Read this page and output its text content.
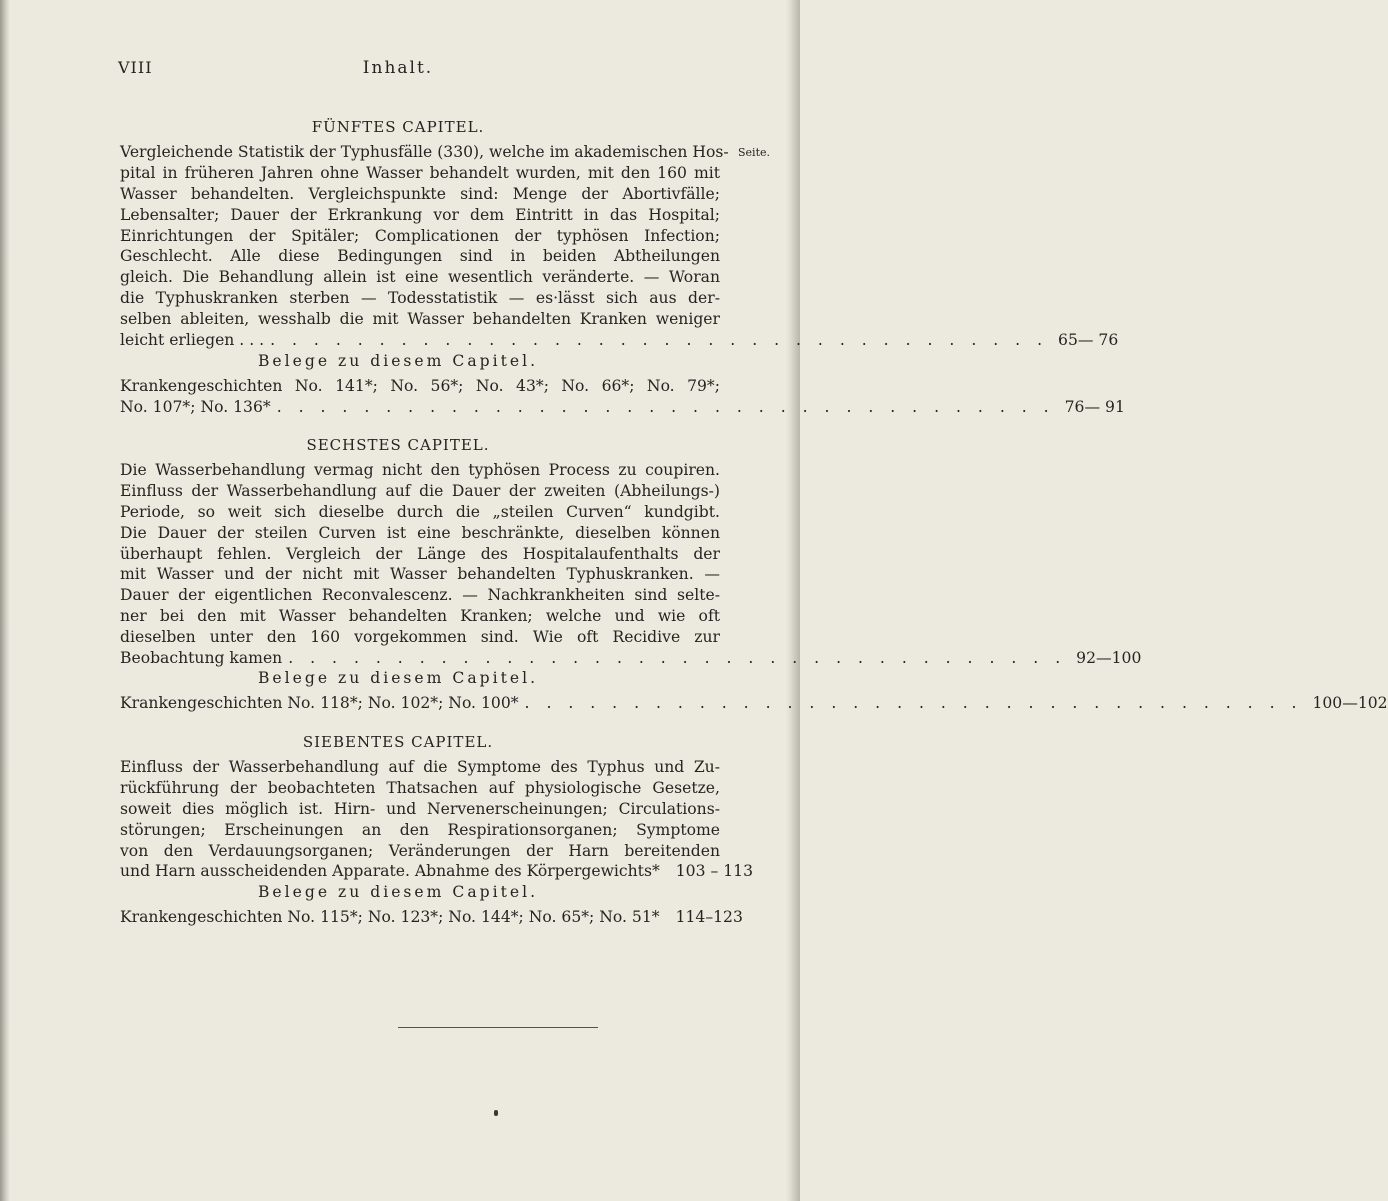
VIII	Inhalt.
Seite.
FÜNFTES CAPITEL.
Vergleichende Statistik der Typhusfälle (330), welche im akademischen Hos-
pital in früheren Jahren ohne Wasser behandelt wurden, mit den 160 mit
Wasser behandelten. Vergleichspunkte sind: Menge der Abortivfälle;
Lebensalter; Dauer der Erkrankung vor dem Eintritt in das Hospital;
Einrichtungen der Spitäler; Complicationen der typhösen Infection;
Geschlecht. Alle diese Bedingungen sind in beiden Abtheilungen
gleich. Die Behandlung allein ist eine wesentlich veränderte. — Woran
die Typhuskranken sterben — Todesstatistik — es·lässt sich aus der-
selben ableiten, wesshalb die mit Wasser behandelten Kranken weniger
leicht erliegen . . . . . . . . . . . . . . . . . . . . . . . . . . . . . . . . . . . . . . . 65— 76
Belege zu diesem Capitel.
Krankengeschichten No. 141*; No. 56*; No. 43*; No. 66*; No. 79*;
No. 107*; No. 136* . . . . . . . . . . . . . . . . . . . . . . . . . . . . . . . . . . . . 76— 91
SECHSTES CAPITEL.
Die Wasserbehandlung vermag nicht den typhösen Process zu coupiren.
Einfluss der Wasserbehandlung auf die Dauer der zweiten (Abheilungs-)
Periode, so weit sich dieselbe durch die „steilen Curven“ kundgibt.
Die Dauer der steilen Curven ist eine beschränkte, dieselben können
überhaupt fehlen. Vergleich der Länge des Hospitalaufenthalts der
mit Wasser und der nicht mit Wasser behandelten Typhuskranken. —
Dauer der eigentlichen Reconvalescenz. — Nachkrankheiten sind selte-
ner bei den mit Wasser behandelten Kranken; welche und wie oft
dieselben unter den 160 vorgekommen sind. Wie oft Recidive zur
Beobachtung kamen . . . . . . . . . . . . . . . . . . . . . . . . . . . . . . . . . . . . 92—100
Belege zu diesem Capitel.
Krankengeschichten No. 118*; No. 102*; No. 100* . . . . . . . . . . . . . . . . . . . . . . . . . . . . . . . . . . . . 100—102
SIEBENTES CAPITEL.
Einfluss der Wasserbehandlung auf die Symptome des Typhus und Zu-
rückführung der beobachteten Thatsachen auf physiologische Gesetze,
soweit dies möglich ist. Hirn- und Nervenerscheinungen; Circulations-
störungen; Erscheinungen an den Respirationsorganen; Symptome
von den Verdauungsorganen; Veränderungen der Harn bereitenden
und Harn ausscheidenden Apparate. Abnahme des Körpergewichts* 103 – 113
Belege zu diesem Capitel.
Krankengeschichten No. 115*; No. 123*; No. 144*; No. 65*; No. 51* 114–123
